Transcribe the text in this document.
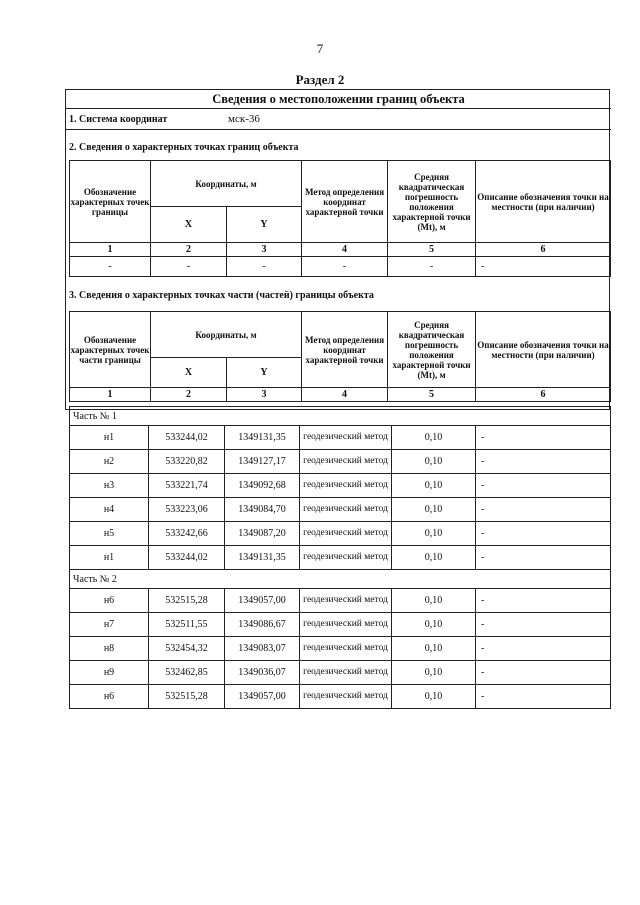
7
Раздел 2
Сведения о местоположении границ объекта
1. Система координат	мск-36
2. Сведения о характерных точках границ объекта
Обозначение характерных точек границы	Координаты, м		Метод определения координат характерной точки	Средняя квадратическая погрешность положения характерной точки (Mt), м	Описание обозначения точки на местности (при наличии)
	X	Y			
1	2	3	4	5	6
-	-	-	-	-	-
3. Сведения о характерных точках части (частей) границы объекта
Обозначение характерных точек части границы	Координаты, м		Метод определения координат характерной точки	Средняя квадратическая погрешность положения характерной точки (Mt), м	Описание обозначения точки на местности (при наличии)
	X	Y			
1	2	3	4	5	6
Часть № 1					
н1	533244,02	1349131,35	геодезический метод	0,10	-
н2	533220,82	1349127,17	геодезический метод	0,10	-
н3	533221,74	1349092,68	геодезический метод	0,10	-
н4	533223,06	1349084,70	геодезический метод	0,10	-
н5	533242,66	1349087,20	геодезический метод	0,10	-
н1	533244,02	1349131,35	геодезический метод	0,10	-
Часть № 2					
н6	532515,28	1349057,00	геодезический метод	0,10	-
н7	532511,55	1349086,67	геодезический метод	0,10	-
н8	532454,32	1349083,07	геодезический метод	0,10	-
н9	532462,85	1349036,07	геодезический метод	0,10	-
н6	532515,28	1349057,00	геодезический метод	0,10	-
